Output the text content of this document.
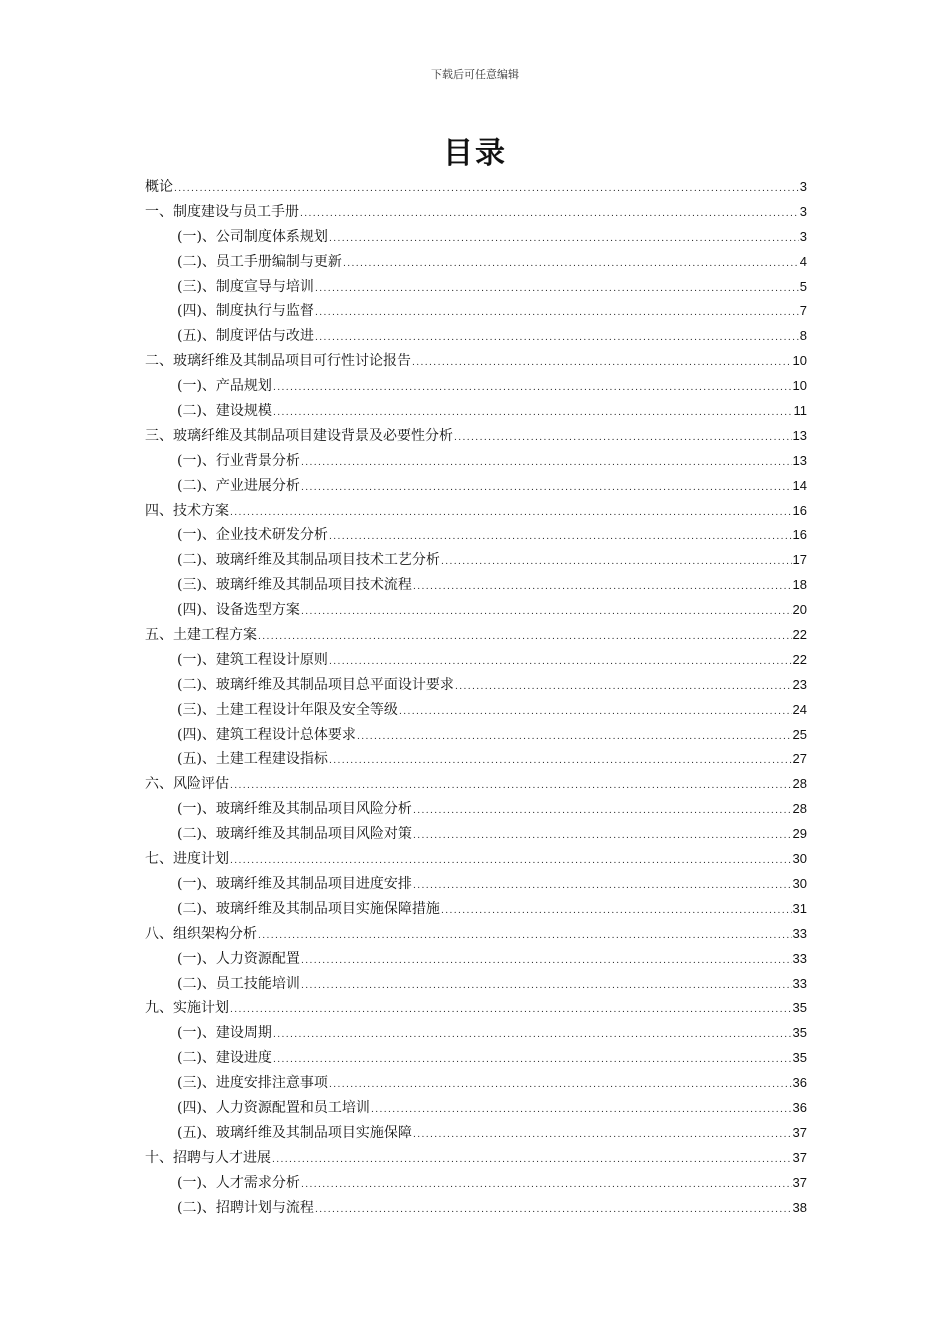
下载后可任意编辑
目录
概论 .....	3
一、制度建设与员工手册 .....	3
(一)、公司制度体系规划 .....	3
(二)、员工手册编制与更新 .....	4
(三)、制度宣导与培训 .....	5
(四)、制度执行与监督 .....	7
(五)、制度评估与改进 .....	8
二、玻璃纤维及其制品项目可行性讨论报告 .....	10
(一)、产品规划 .....	10
(二)、建设规模 .....	11
三、玻璃纤维及其制品项目建设背景及必要性分析 .....	13
(一)、行业背景分析 .....	13
(二)、产业进展分析 .....	14
四、技术方案 .....	16
(一)、企业技术研发分析 .....	16
(二)、玻璃纤维及其制品项目技术工艺分析 .....	17
(三)、玻璃纤维及其制品项目技术流程 .....	18
(四)、设备选型方案 .....	20
五、土建工程方案 .....	22
(一)、建筑工程设计原则 .....	22
(二)、玻璃纤维及其制品项目总平面设计要求 .....	23
(三)、土建工程设计年限及安全等级 .....	24
(四)、建筑工程设计总体要求 .....	25
(五)、土建工程建设指标 .....	27
六、风险评估 .....	28
(一)、玻璃纤维及其制品项目风险分析 .....	28
(二)、玻璃纤维及其制品项目风险对策 .....	29
七、进度计划 .....	30
(一)、玻璃纤维及其制品项目进度安排 .....	30
(二)、玻璃纤维及其制品项目实施保障措施 .....	31
八、组织架构分析 .....	33
(一)、人力资源配置 .....	33
(二)、员工技能培训 .....	33
九、实施计划 .....	35
(一)、建设周期 .....	35
(二)、建设进度 .....	35
(三)、进度安排注意事项 .....	36
(四)、人力资源配置和员工培训 .....	36
(五)、玻璃纤维及其制品项目实施保障 .....	37
十、招聘与人才进展 .....	37
(一)、人才需求分析 .....	37
(二)、招聘计划与流程 .....	38
